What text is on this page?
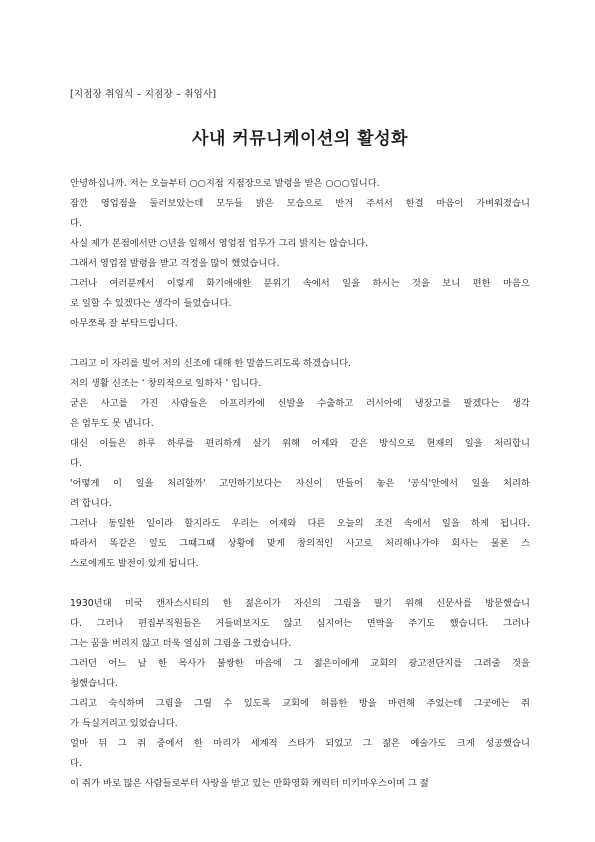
[지점장 취임식 – 지점장 – 취임사]
사내 커뮤니케이션의 활성화
안녕하십니까. 저는 오늘부터 ○○지점 지점장으로 발령을 받은 ○○○입니다.
잠깐 영업점을 둘러보았는데 모두들 밝은 모습으로 반겨 주셔서 한결 마음이 가벼워졌습니
다.
사실 제가 본점에서만 ○년을 일해서 영업점 업무가 그리 밝지는 않습니다.
그래서 영업점 발령을 받고 걱정을 많이 했었습니다.
그러나 여러분께서 이렇게 화기애애한 분위기 속에서 일을 하시는 것을 보니 편한 마음으
로 일할 수 있겠다는 생각이 들었습니다.
아무쪼록 잘 부탁드립니다.
그리고 이 자리를 빌어 저의 신조에 대해 한 말씀드리도록 하겠습니다.
저의 생활 신조는 ‘ 창의적으로 일하자 ’ 입니다.
굳은 사고를 가진 사람들은 아프리카에 신발을 수출하고 러시아에 냉장고를 팔겠다는 생각
은 엄두도 못 냅니다.
대신 이들은 하루 하루를 편리하게 살기 위해 어제와 같은 방식으로 현재의 일을 처리합니
다.
'어떻게 이 일을 처리할까' 고민하기보다는 자신이 만들어 놓은 '공식'안에서 일을 처리하
려 합니다.
그러나 동일한 일이라 할지라도 우리는 어제와 다른 오늘의 조건 속에서 일을 하게 됩니다.
따라서 똑같은 일도 그때그때 상황에 맞게 창의적인 사고로 처리해나가야 회사는 물론 스
스로에게도 발전이 있게 됩니다.
1930년대 미국 캔자스시티의 한 젊은이가 자신의 그림을 팔기 위해 신문사를 방문했습니
다. 그러나 편집부직원들은 거들떠보지도 않고 심지어는 면박을 주기도 했습니다. 그러나
그는 꿈을 버리지 않고 더욱 열심히 그림을 그렸습니다.
그러던 어느 날 한 목사가 불쌍한 마음에 그 젊은이에게 교회의 광고전단지를 그려줄 것을
청했습니다.
그리고 숙식하며 그림을 그릴 수 있도록 교회에 허름한 방을 마련해 주었는데 그곳에는 쥐
가 득실거리고 있었습니다.
얼마 뒤 그 쥐 중에서 한 마리가 세계적 스타가 되었고 그 젊은 예술가도 크게 성공했습니
다.
이 쥐가 바로 많은 사람들로부터 사랑을 받고 있는 만화영화 캐릭터 미키마우스이며 그 젊
